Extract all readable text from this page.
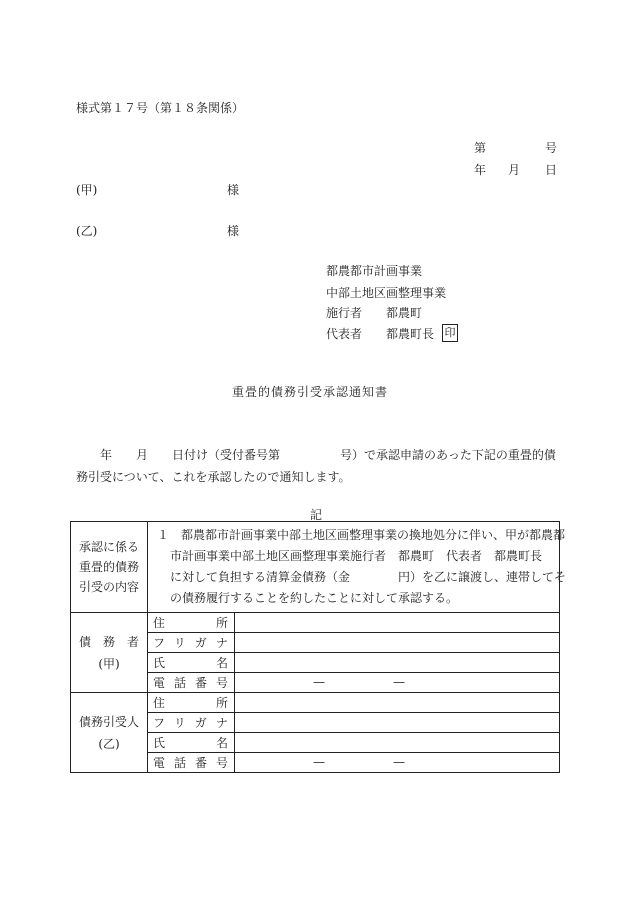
様式第１７号（第１８条関係）
第	号
年 月 日
(甲)	様
(乙)	様
都農都市計画事業
中部土地区画整理事業
施行者 都農町
代表者 都農町長 印
重畳的債務引受承認通知書
　　年　　月　　日付け（受付番号第　　　　　号）で承認申請のあった下記の重畳的債
務引受について、これを承認したので通知します。
記
承認に係る
重畳的債務
引受の内容	１　都農都市計画事業中部土地区画整理事業の換地処分に伴い、甲が都農都
市計画事業中部土地区画整理事業施行者　都農町　代表者　都農町長
に対して負担する清算金債務（金　　　　円）を乙に譲渡し、連帯してそ
の債務履行することを約したことに対して承認する。	

債　務　者
(甲)	住所	
	フリガナ	
	氏名	
	電話番号	— —

債務引受人
(乙)	住所	
	フリガナ	
	氏名	
	電話番号	— —
